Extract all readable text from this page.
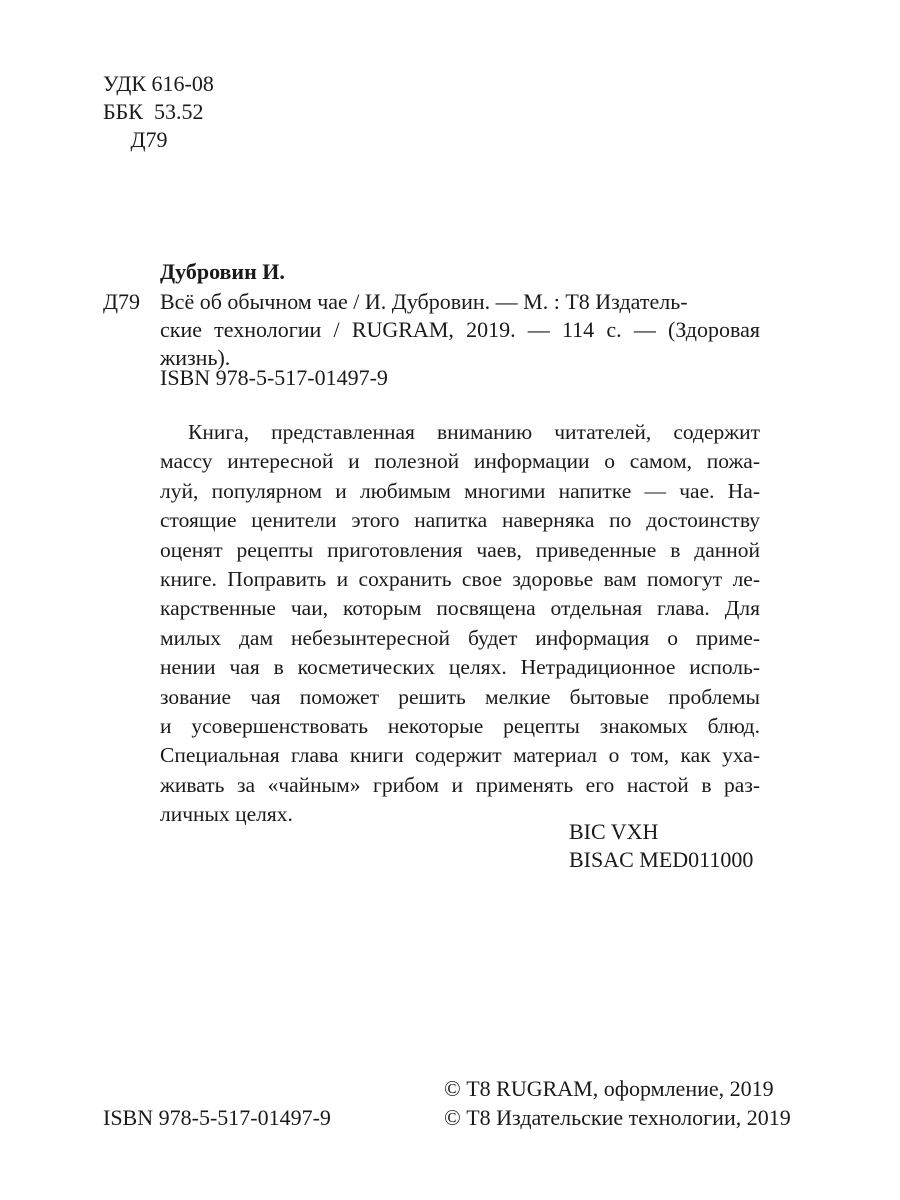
УДК 616-08
ББК  53.52
Д79
Дубровин И.
Д79 Всё об обычном чае / И. Дубровин. — М. : Т8 Издатель-
ские технологии / RUGRAM, 2019. — 114 с. — (Здоровая жизнь).
ISBN 978-5-517-01497-9
Книга, представленная вниманию читателей, содержит
массу интересной и полезной информации о самом, пожа-
луй, популярном и любимым многими напитке — чае. На-
стоящие ценители этого напитка наверняка по достоинству
оценят рецепты приготовления чаев, приведенные в данной
книге. Поправить и сохранить свое здоровье вам помогут ле-
карственные чаи, которым посвящена отдельная глава. Для
милых дам небезынтересной будет информация о приме-
нении чая в косметических целях. Нетрадиционное исполь-
зование чая поможет решить мелкие бытовые проблемы
и усовершенствовать некоторые рецепты знакомых блюд.
Специальная глава книги содержит материал о том, как уха-
живать за «чайным» грибом и применять его настой в раз-
личных целях.
BIC VXH
BISAC MED011000
© Т8 RUGRAM, оформление, 2019
ISBN 978-5-517-01497-9	© Т8 Издательские технологии, 2019
